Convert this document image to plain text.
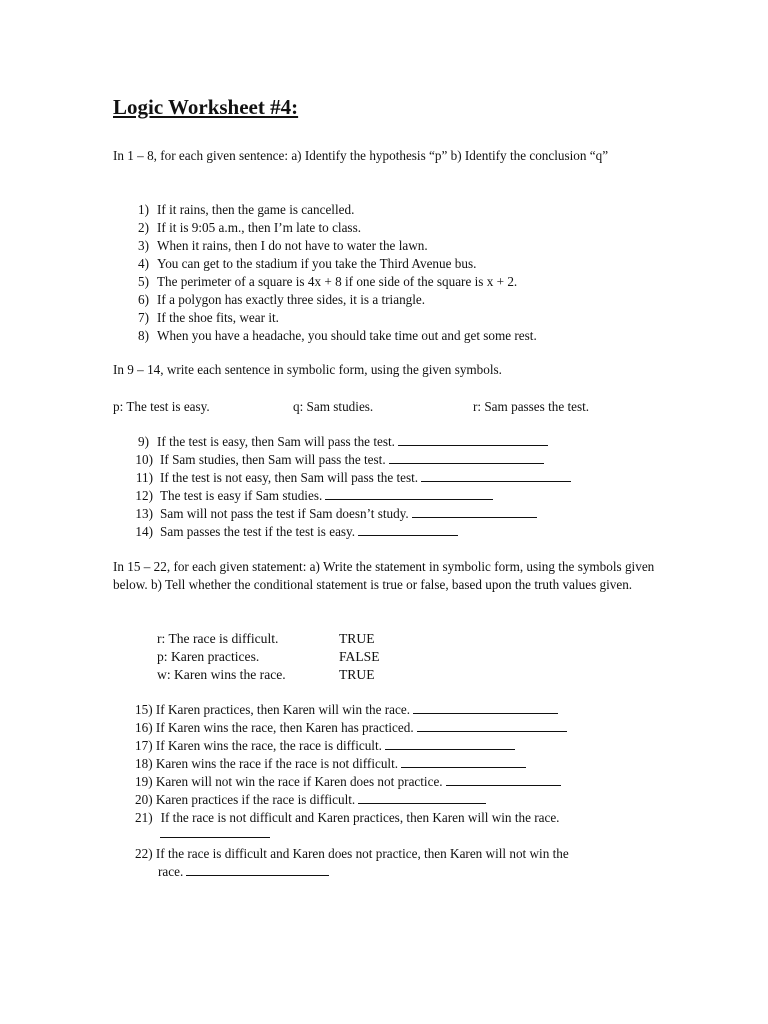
Logic Worksheet #4:
In 1 – 8, for each given sentence: a) Identify the hypothesis “p” b) Identify the conclusion “q”
1) If it rains, then the game is cancelled.
2) If it is 9:05 a.m., then I’m late to class.
3) When it rains, then I do not have to water the lawn.
4) You can get to the stadium if you take the Third Avenue bus.
5) The perimeter of a square is 4x + 8 if one side of the square is x + 2.
6) If a polygon has exactly three sides, it is a triangle.
7) If the shoe fits, wear it.
8) When you have a headache, you should take time out and get some rest.
In 9 – 14, write each sentence in symbolic form, using the given symbols.
p: The test is easy.	q: Sam studies.	r: Sam passes the test.
9) If the test is easy, then Sam will pass the test.
10) If Sam studies, then Sam will pass the test.
11) If the test is not easy, then Sam will pass the test.
12) The test is easy if Sam studies.
13) Sam will not pass the test if Sam doesn’t study.
14) Sam passes the test if the test is easy.
In 15 – 22, for each given statement: a) Write the statement in symbolic form, using the symbols given below. b) Tell whether the conditional statement is true or false, based upon the truth values given.
r: The race is difficult.	TRUE
p: Karen practices.	FALSE
w: Karen wins the race.	TRUE
15) If Karen practices, then Karen will win the race.
16) If Karen wins the race, then Karen has practiced.
17) If Karen wins the race, the race is difficult.
18) Karen wins the race if the race is not difficult.
19) Karen will not win the race if Karen does not practice.
20) Karen practices if the race is difficult.
21) If the race is not difficult and Karen practices, then Karen will win the race.
22) If the race is difficult and Karen does not practice, then Karen will not win the
race.
